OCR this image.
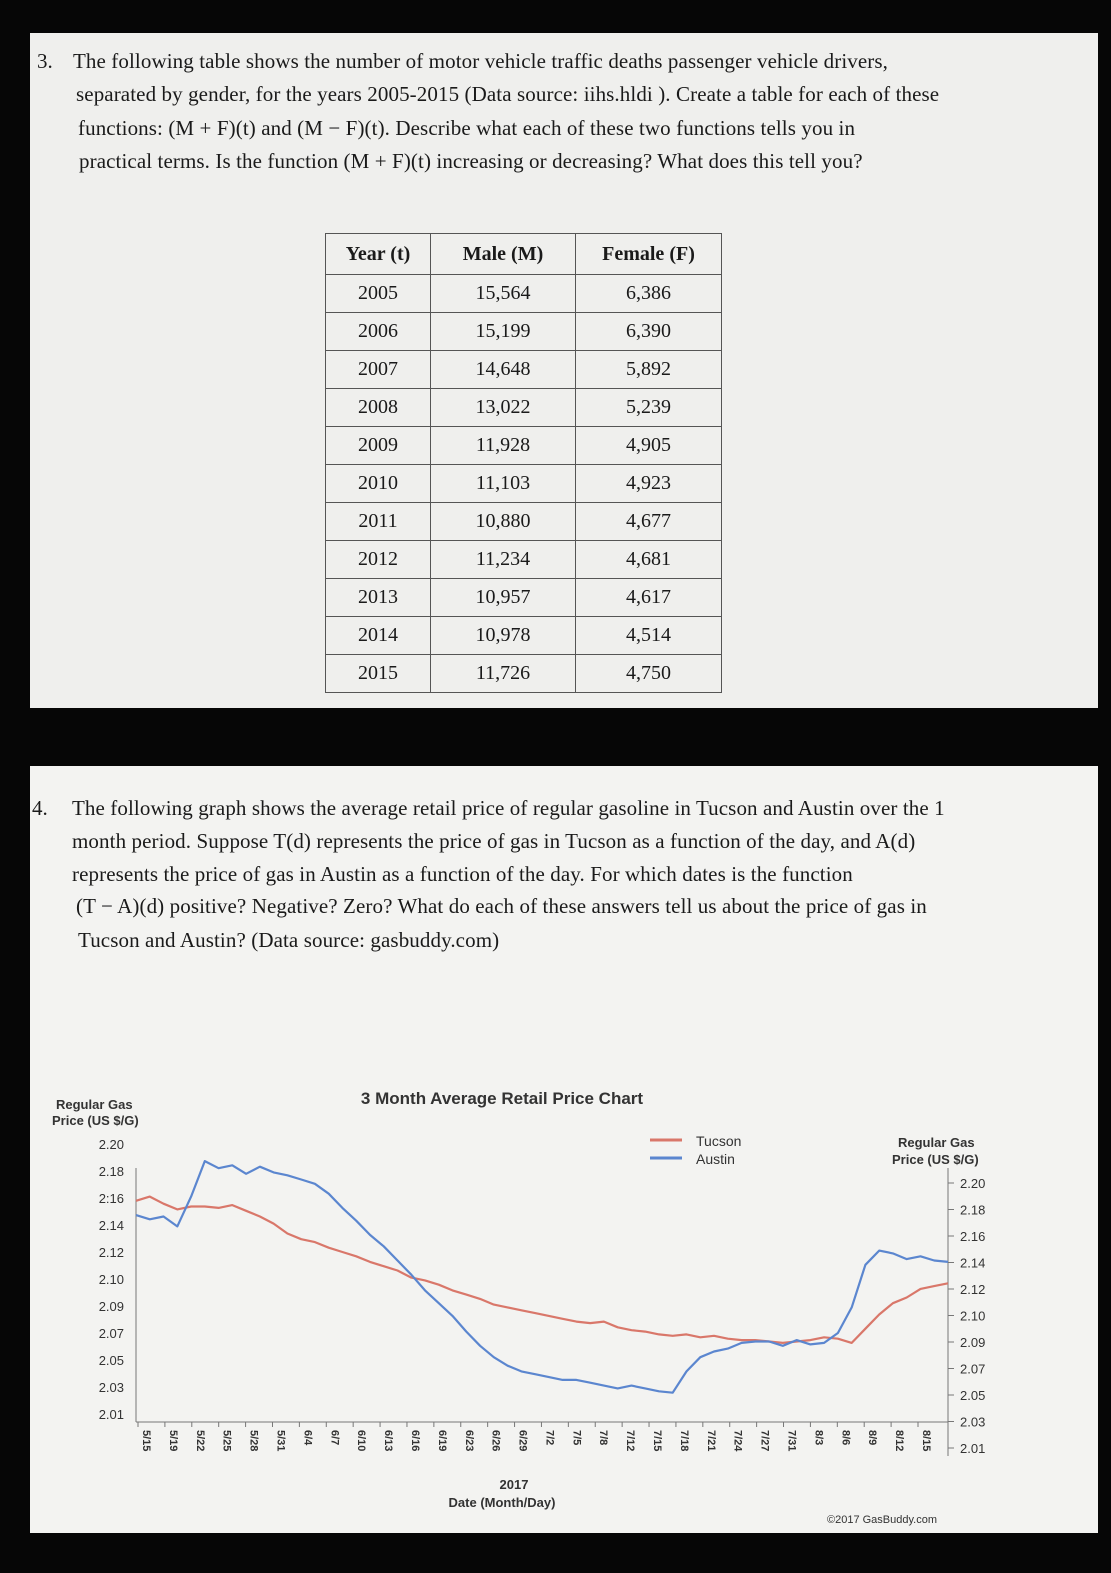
3. The following table shows the number of motor vehicle traffic deaths passenger vehicle drivers,
separated by gender, for the years 2005-2015 (Data source: iihs.hldi ). Create a table for each of these
functions: (M + F)(t) and (M − F)(t). Describe what each of these two functions tells you in
practical terms. Is the function (M + F)(t) increasing or decreasing? What does this tell you?
Year (t)	Male (M)	Female (F)
2005	15,564	6,386
2006	15,199	6,390
2007	14,648	5,892
2008	13,022	5,239
2009	11,928	4,905
2010	11,103	4,923
2011	10,880	4,677
2012	11,234	4,681
2013	10,957	4,617
2014	10,978	4,514
2015	11,726	4,750
4. The following graph shows the average retail price of regular gasoline in Tucson and Austin over the 1
month period. Suppose T(d) represents the price of gas in Tucson as a function of the day, and A(d)
represents the price of gas in Austin as a function of the day. For which dates is the function
(T − A)(d) positive? Negative? Zero? What do each of these answers tell us about the price of gas in
Tucson and Austin? (Data source: gasbuddy.com)
3 Month Average Retail Price Chart
Regular Gas
Price (US $/G)
Regular Gas
Price (US $/G)
Tucson
Austin
2.20
2.18
2:16
2.14
2.12
2.10
2.09
2.07
2.05
2.03
2.01
2.20
2.18
2.16
2.14
2.12
2.10
2.09
2.07
2.05
2.03
2.01
5/15 5/19 5/22 5/25 5/28 5/31 6/4 6/7 6/10 6/13 6/16 6/19 6/23 6/26 6/29 7/2 7/5 7/8 7/12 7/15 7/18 7/21 7/24 7/27 7/31 8/3 8/6 8/9 8/12 8/15
2017
Date (Month/Day)
©2017 GasBuddy.com
